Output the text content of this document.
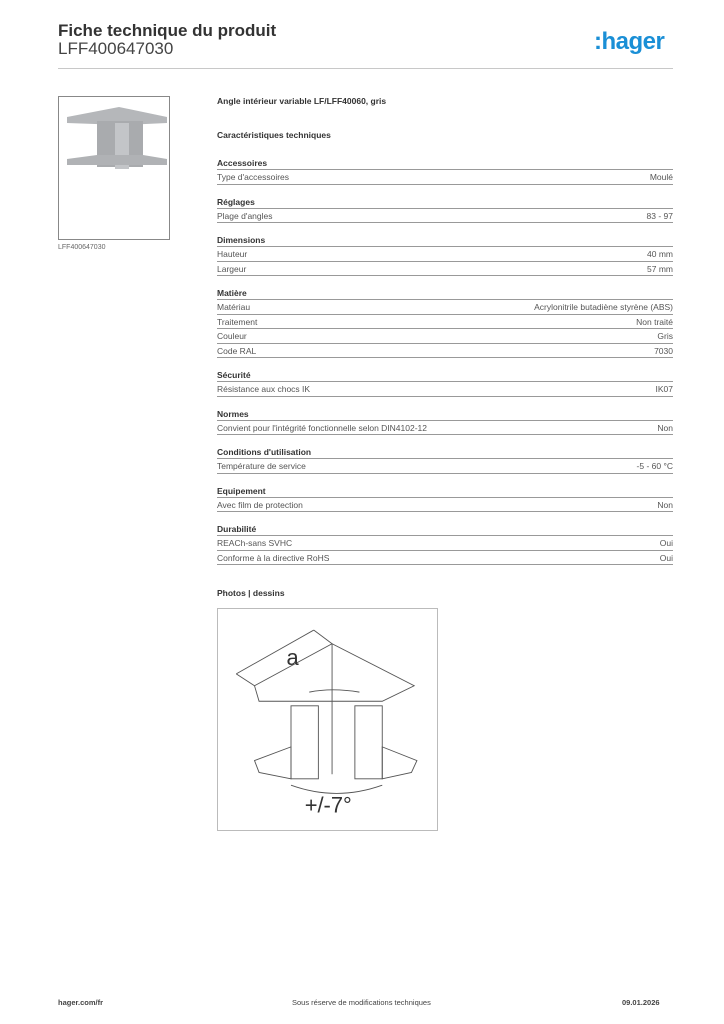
Fiche technique du produit
LFF400647030	:hager
LFF400647030
Angle intérieur variable LF/LFF40060, gris
Caractéristiques techniques
Accessoires
Type d'accessoires	Moulé
Réglages
Plage d'angles	83 - 97
Dimensions
Hauteur	40 mm
Largeur	57 mm
Matière
Matériau	Acrylonitrile butadiène styrène (ABS)
Traitement	Non traité
Couleur	Gris
Code RAL	7030
Sécurité
Résistance aux chocs IK	IK07
Normes
Convient pour l'intégrité fonctionnelle selon DIN4102-12	Non
Conditions d'utilisation
Température de service	-5 - 60 °C
Equipement
Avec film de protection	Non
Durabilité
REACh-sans SVHC	Oui
Conforme à la directive RoHS	Oui
Photos | dessins
a
+/-7°
hager.com/fr	Sous réserve de modifications techniques	09.01.2026
